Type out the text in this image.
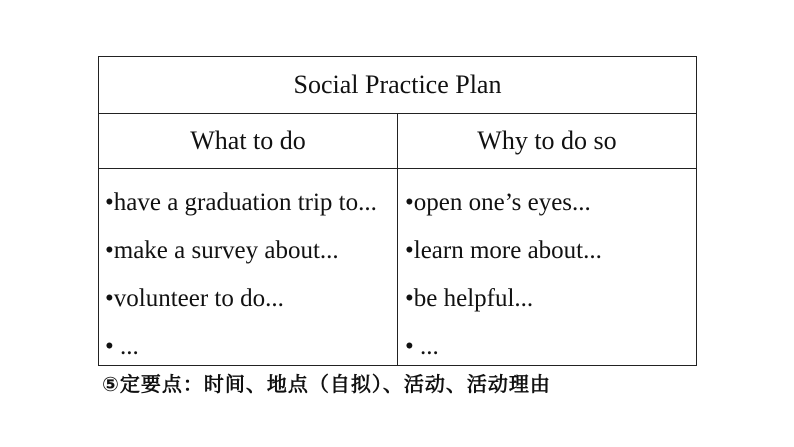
Social Practice Plan
What to do	Why to do so
•have a graduation trip to...
•make a survey about...
•volunteer to do...
• ...
•open one’s eyes...
•learn more about...
•be helpful...
• ...
⑤定要点：时间、地点（自拟）、活动、活动理由
